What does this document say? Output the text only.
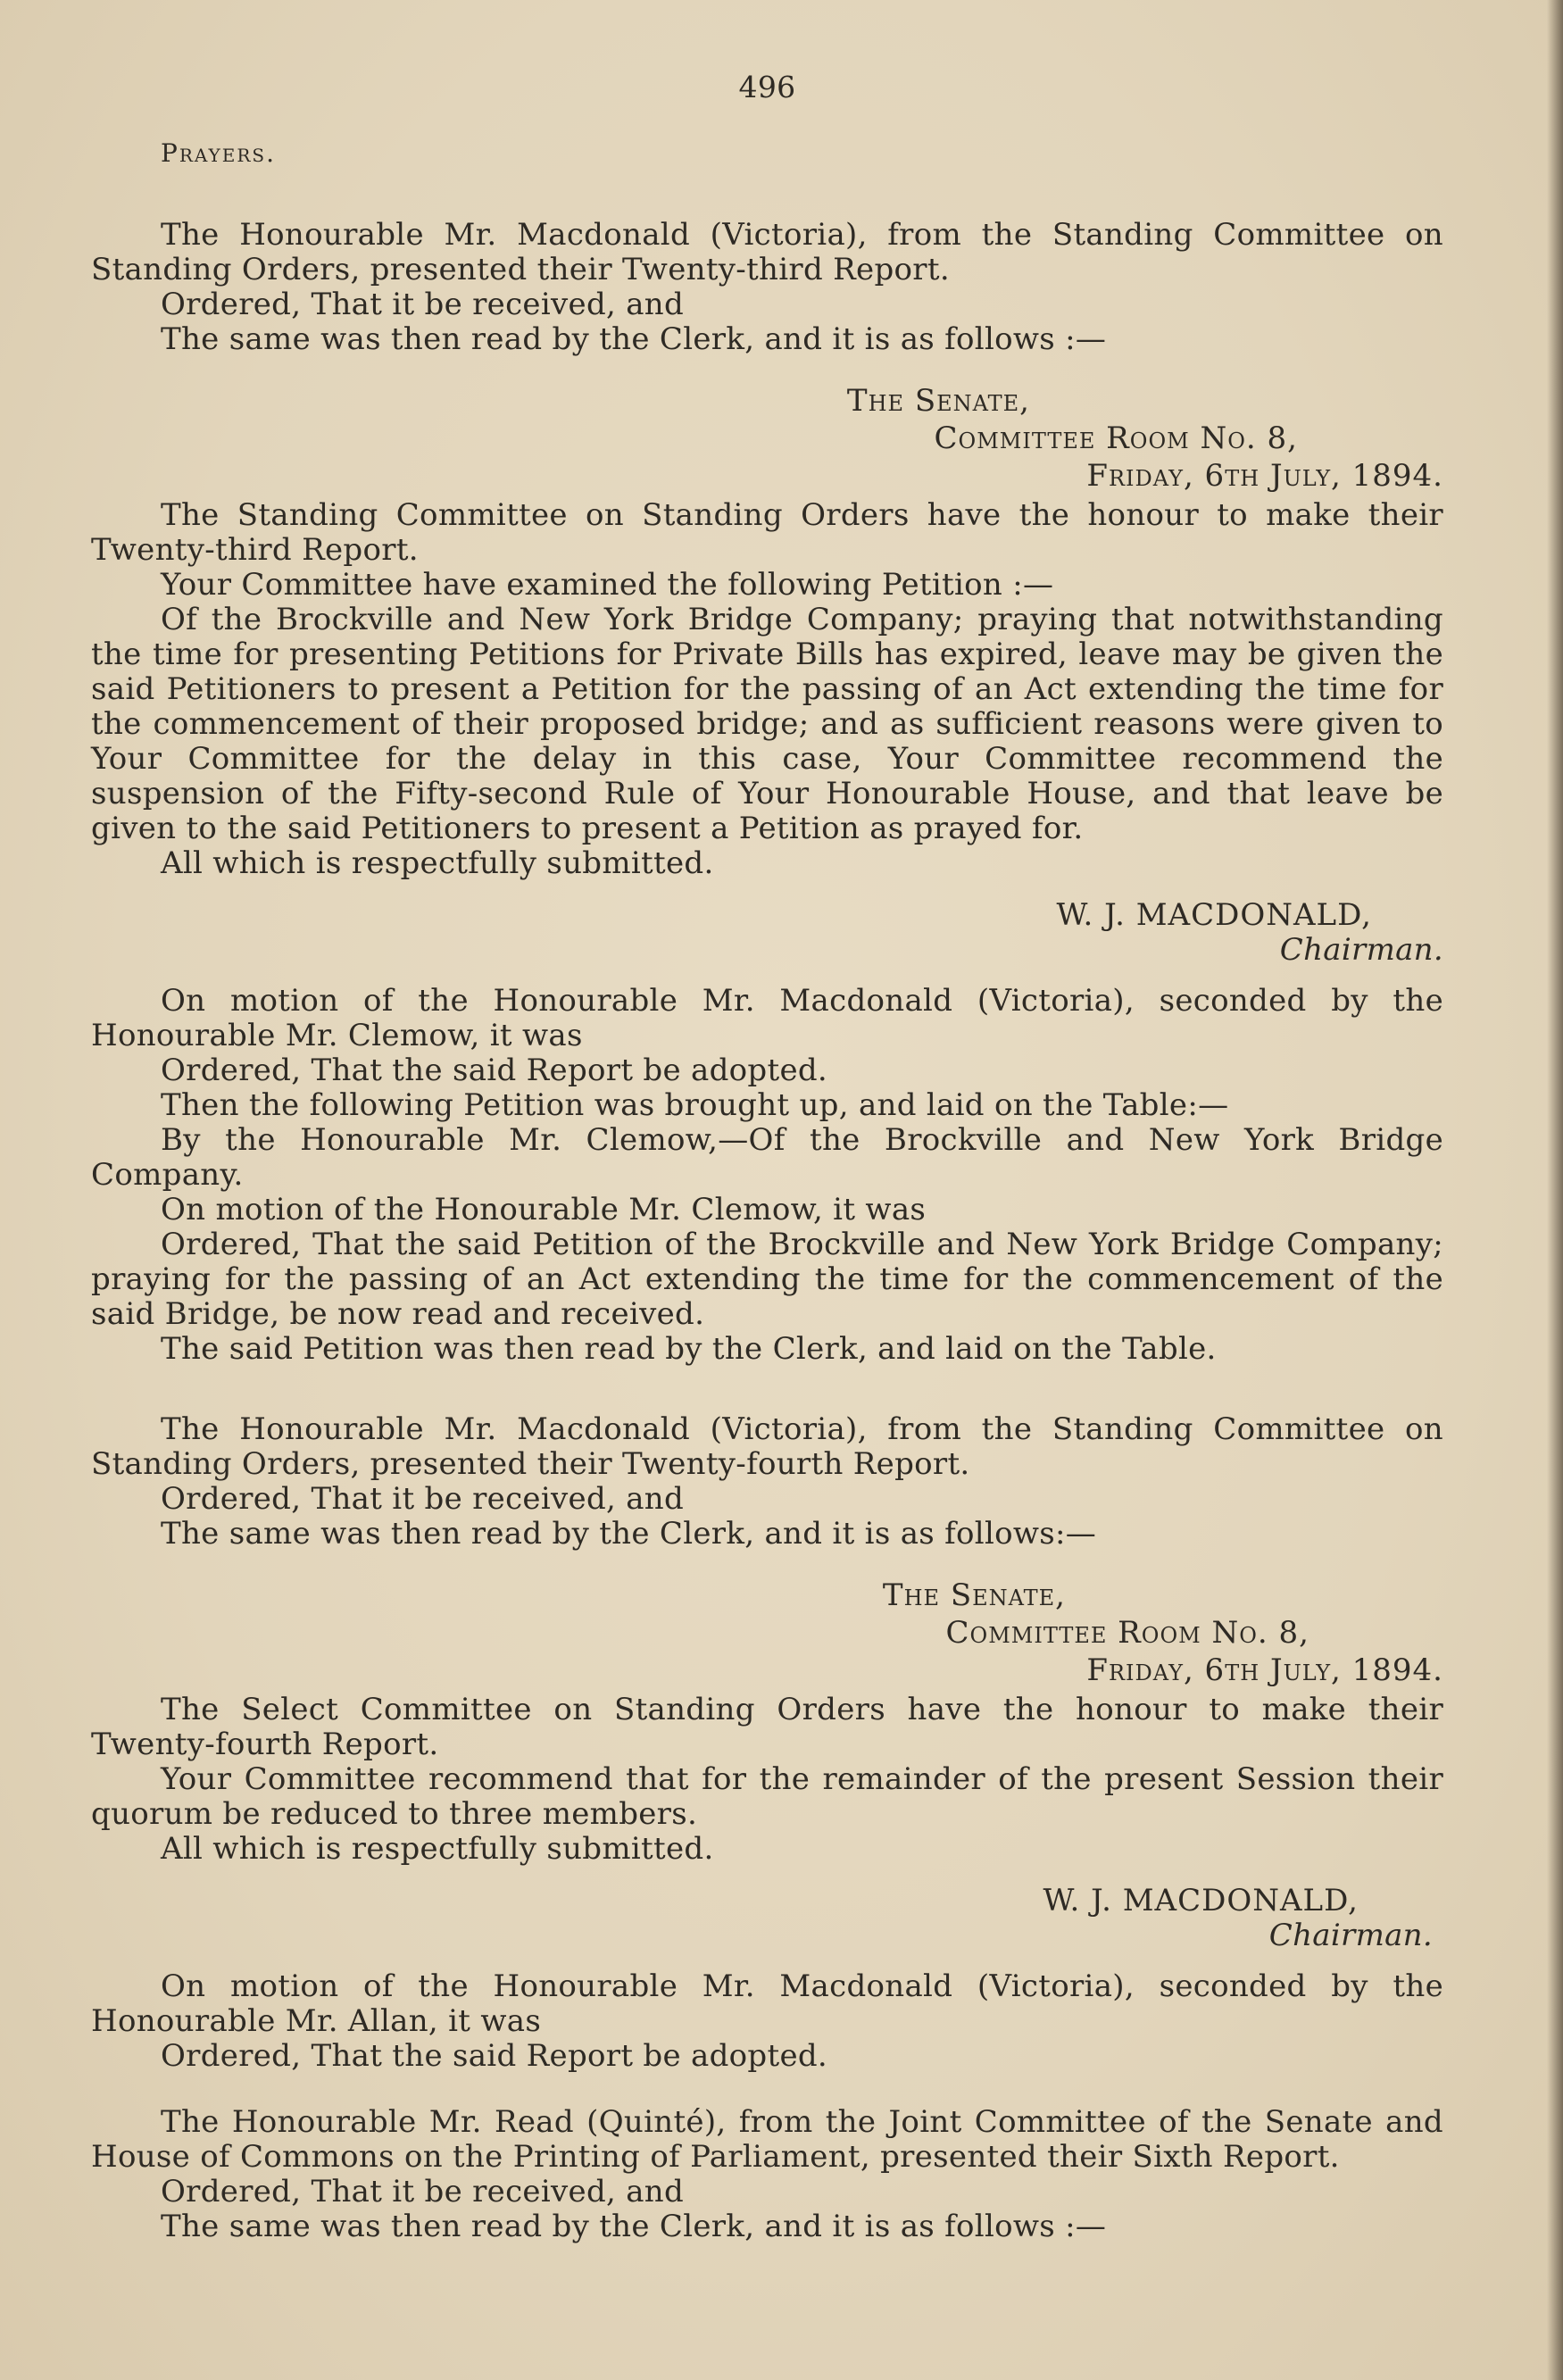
496
Prayers.

The Honourable Mr. Macdonald (Victoria), from the Standing Committee on Standing Orders, presented their Twenty-third Report.

Ordered, That it be received, and

The same was then read by the Clerk, and it is as follows :—

The Senate,

Committee Room No. 8,

Friday, 6th July, 1894.

The Standing Committee on Standing Orders have the honour to make their Twenty-third Report.

Your Committee have examined the following Petition :—

Of the Brockville and New York Bridge Company; praying that notwithstanding the time for presenting Petitions for Private Bills has expired, leave may be given the said Petitioners to present a Petition for the passing of an Act extending the time for the commencement of their proposed bridge; and as sufficient reasons were given to Your Committee for the delay in this case, Your Committee recommend the suspension of the Fifty-second Rule of Your Honourable House, and that leave be given to the said Petitioners to present a Petition as prayed for.

All which is respectfully submitted.

W. J. MACDONALD,

Chairman.

On motion of the Honourable Mr. Macdonald (Victoria), seconded by the Honourable Mr. Clemow, it was

Ordered, That the said Report be adopted.

Then the following Petition was brought up, and laid on the Table:—

By the Honourable Mr. Clemow,—Of the Brockville and New York Bridge Company.

On motion of the Honourable Mr. Clemow, it was

Ordered, That the said Petition of the Brockville and New York Bridge Company; praying for the passing of an Act extending the time for the commencement of the said Bridge, be now read and received.

The said Petition was then read by the Clerk, and laid on the Table.

The Honourable Mr. Macdonald (Victoria), from the Standing Committee on Standing Orders, presented their Twenty-fourth Report.

Ordered, That it be received, and

The same was then read by the Clerk, and it is as follows:—

The Senate,

Committee Room No. 8,

Friday, 6th July, 1894.

The Select Committee on Standing Orders have the honour to make their Twenty-fourth Report.

Your Committee recommend that for the remainder of the present Session their quorum be reduced to three members.

All which is respectfully submitted.

W. J. MACDONALD,

Chairman.

On motion of the Honourable Mr. Macdonald (Victoria), seconded by the Honourable Mr. Allan, it was

Ordered, That the said Report be adopted.

The Honourable Mr. Read (Quinté), from the Joint Committee of the Senate and House of Commons on the Printing of Parliament, presented their Sixth Report.

Ordered, That it be received, and

The same was then read by the Clerk, and it is as follows :—
